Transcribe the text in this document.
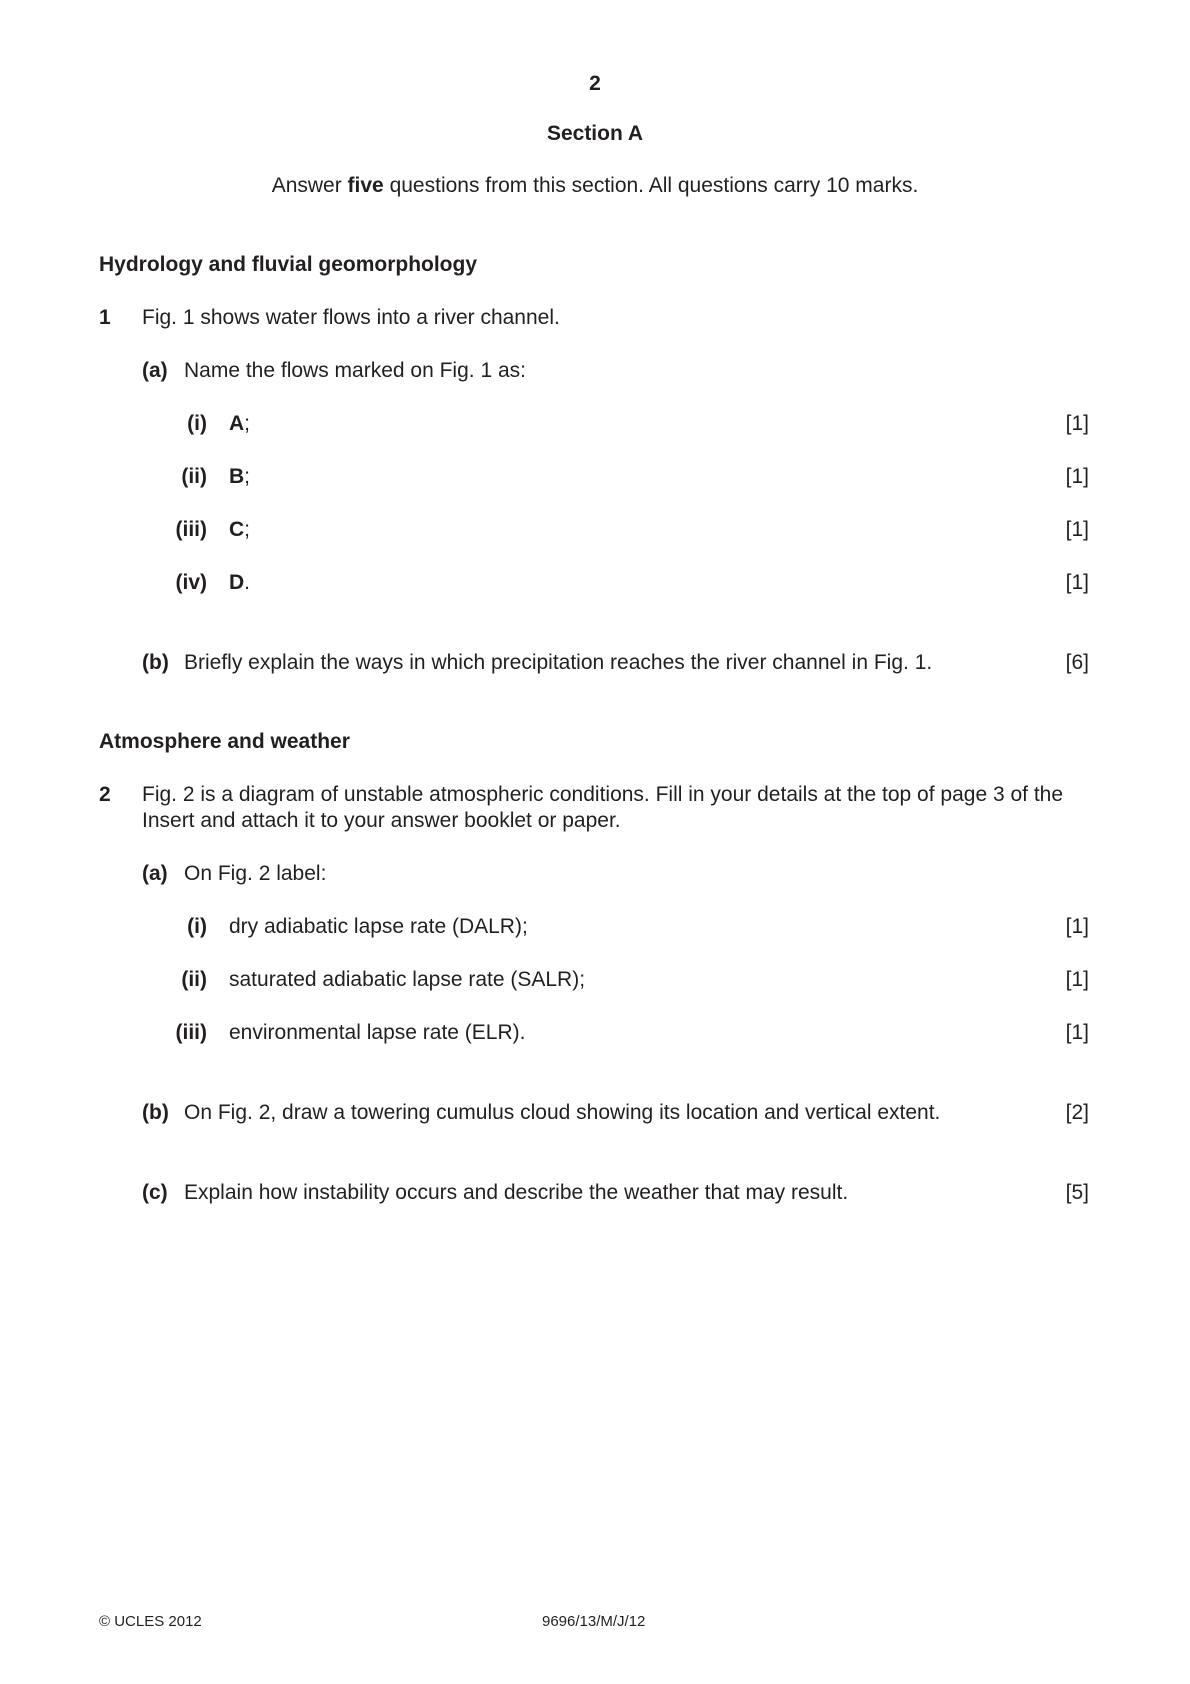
2
Section A
Answer five questions from this section. All questions carry 10 marks.
Hydrology and fluvial geomorphology
1 Fig. 1 shows water flows into a river channel.
(a) Name the flows marked on Fig. 1 as:
(i) A;	[1]
(ii) B;	[1]
(iii) C;	[1]
(iv) D.	[1]
(b) Briefly explain the ways in which precipitation reaches the river channel in Fig. 1.	[6]
Atmosphere and weather
2 Fig. 2 is a diagram of unstable atmospheric conditions. Fill in your details at the top of page 3 of the Insert and attach it to your answer booklet or paper.
(a) On Fig. 2 label:
(i) dry adiabatic lapse rate (DALR);	[1]
(ii) saturated adiabatic lapse rate (SALR);	[1]
(iii) environmental lapse rate (ELR).	[1]
(b) On Fig. 2, draw a towering cumulus cloud showing its location and vertical extent.	[2]
(c) Explain how instability occurs and describe the weather that may result.	[5]
© UCLES 2012	9696/13/M/J/12
